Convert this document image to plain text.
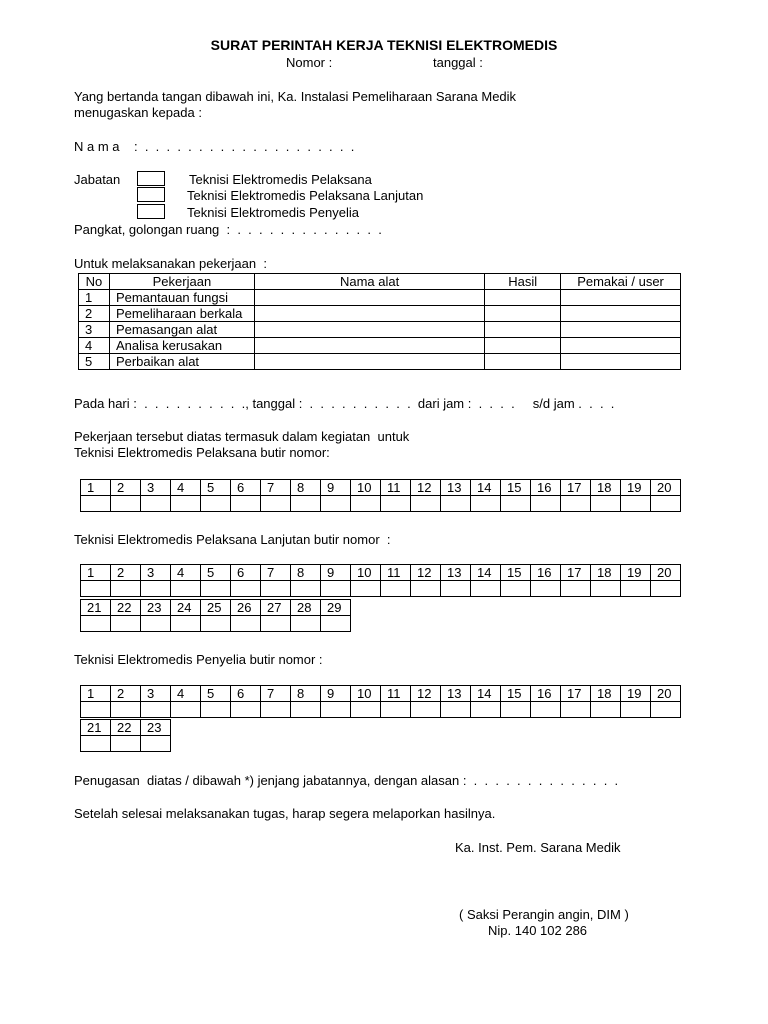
SURAT PERINTAH KERJA TEKNISI ELEKTROMEDIS
Nomor :	tanggal :
Yang bertanda tangan dibawah ini, Ka. Instalasi Pemeliharaan Sarana Medik
menugaskan kepada :
N a m a :  .  .  .  .  .  .  .  .  .  .  .  .  .  .  .  .  .  .  .  .
Jabatan	Teknisi Elektromedis Pelaksana
Teknisi Elektromedis Pelaksana Lanjutan
Teknisi Elektromedis Penyelia
Pangkat, golongan ruang  :  .  .  .  .  .  .  .  .  .  .  .  .  .  .
Untuk melaksanakan pekerjaan  :
No	Pekerjaan	Nama alat	Hasil	Pemakai / user
1	Pemantauan fungsi			
2	Pemeliharaan berkala			
3	Pemasangan alat			
4	Analisa kerusakan			
5	Perbaikan alat			
Pada hari :  .  .  .  .  .  .  .  .  .  ., tanggal :  .  .  .  .  .  .  .  .  .  .  dari jam :  .  .  .  .     s/d jam .  .  .  .
Pekerjaan tersebut diatas termasuk dalam kegiatan  untuk
Teknisi Elektromedis Pelaksana butir nomor:
1	2	3	4	5	6	7	8	9	10	11	12	13	14	15	16	17	18	19	20

Teknisi Elektromedis Pelaksana Lanjutan butir nomor  :
1	2	3	4	5	6	7	8	9	10	11	12	13	14	15	16	17	18	19	20

21	22	23	24	25	26	27	28	29

Teknisi Elektromedis Penyelia butir nomor :
1	2	3	4	5	6	7	8	9	10	11	12	13	14	15	16	17	18	19	20

21	22	23

Penugasan  diatas / dibawah *) jenjang jabatannya, dengan alasan :  .  .  .  .  .  .  .  .  .  .  .  .  .  .
Setelah selesai melaksanakan tugas, harap segera melaporkan hasilnya.
Ka. Inst. Pem. Sarana Medik
( Saksi Perangin angin, DIM )
Nip. 140 102 286
